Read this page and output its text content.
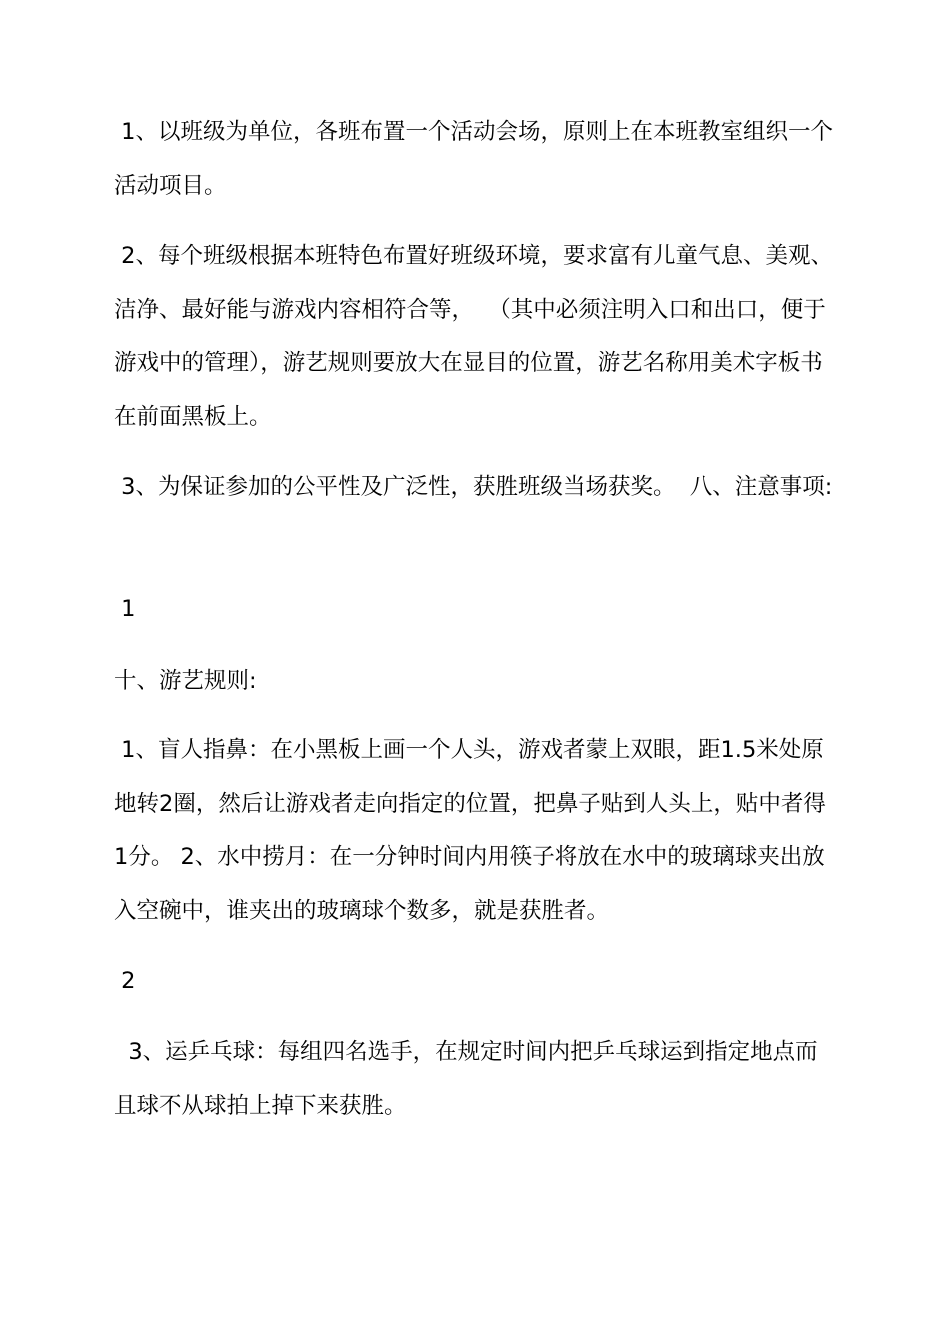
1、以班级为单位，各班布置一个活动会场，原则上在本班教室组织一个活动项目。

2、每个班级根据本班特色布置好班级环境，要求富有儿童气息、美观、洁净、最好能与游戏内容相符合等，  （其中必须注明入口和出口，便于游戏中的管理），游艺规则要放大在显目的位置，游艺名称用美术字板书在前面黑板上。

3、为保证参加的公平性及广泛性，获胜班级当场获奖。  八、注意事项:

1

十、游艺规则:

1、盲人指鼻：在小黑板上画一个人头，游戏者蒙上双眼，距1.5米处原地转2圈，然后让游戏者走向指定的位置，把鼻子贴到人头上，贴中者得1分。 2、水中捞月：在一分钟时间内用筷子将放在水中的玻璃球夹出放入空碗中，谁夹出的玻璃球个数多，就是获胜者。

2

3、运乒乓球：每组四名选手，在规定时间内把乒乓球运到指定地点而且球不从球拍上掉下来获胜。
